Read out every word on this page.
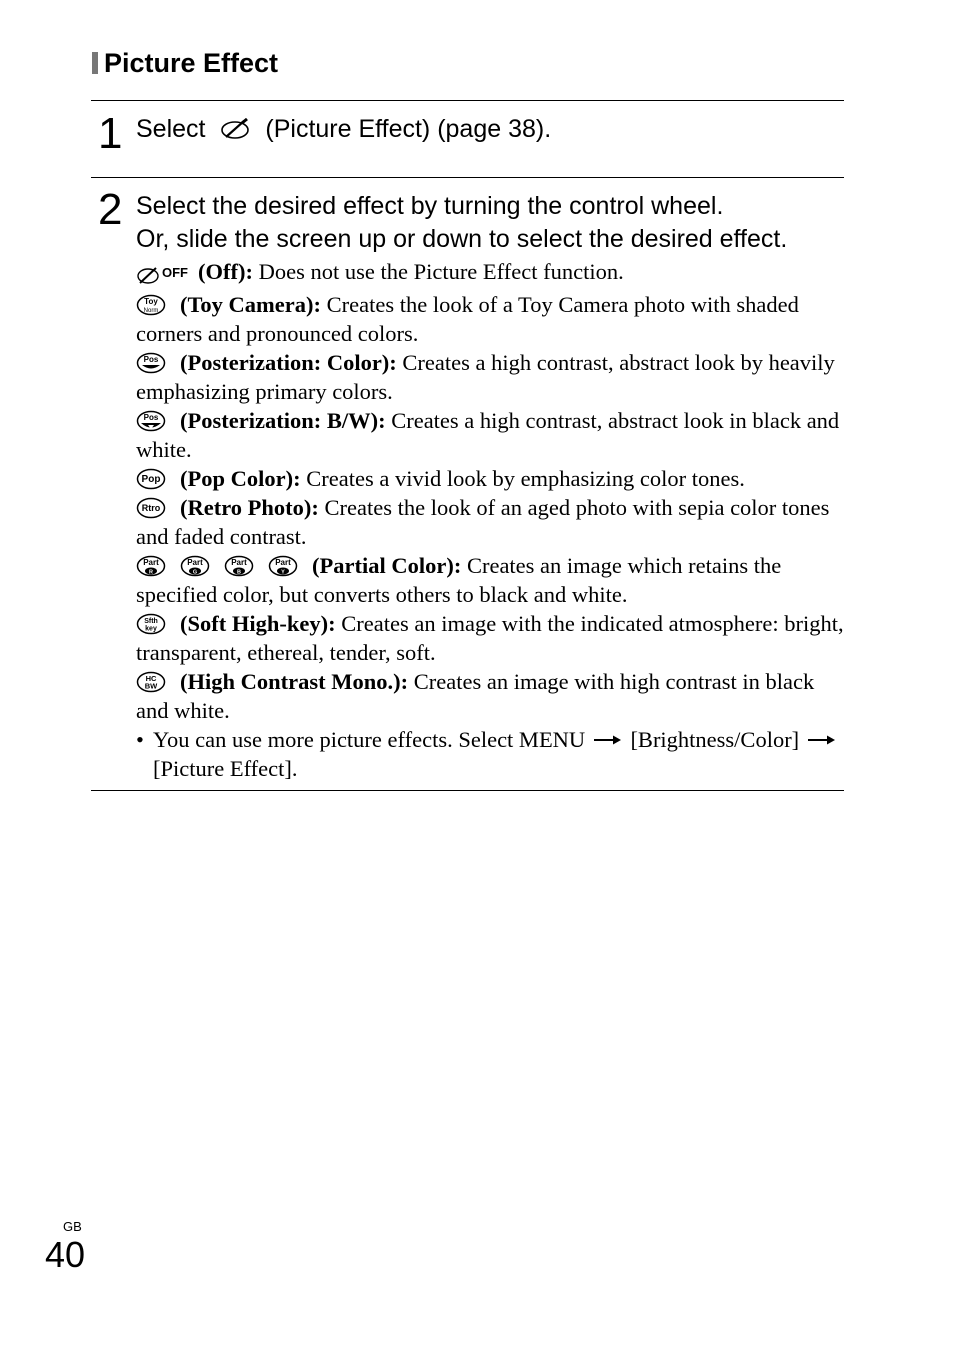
Picture Effect
1 Select (Picture Effect) (page 38).
2 Select the desired effect by turning the control wheel.
Or, slide the screen up or down to select the desired effect.
$^{OFF}$ (Off): Does not use the Picture Effect function.
Toy
Norm (Toy Camera): Creates the look of a Toy Camera photo with shaded corners and pronounced colors.
Pos (Posterization: Color): Creates a high contrast, abstract look by heavily emphasizing primary colors.
Pos (Posterization: B/W): Creates a high contrast, abstract look in black and white.
Pop (Pop Color): Creates a vivid look by emphasizing color tones.
Rtro (Retro Photo): Creates the look of an aged photo with sepia color tones and faded contrast.
Part
R
Part
G
Part
B
Part
Y (Partial Color): Creates an image which retains the specified color, but converts others to black and white.
Sfth
key (Soft High-key): Creates an image with the indicated atmosphere: bright, transparent, ethereal, tender, soft.
HC
BW (High Contrast Mono.): Creates an image with high contrast in black and white.
• You can use more picture effects. Select MENU [Brightness/Color]  [Picture Effect].
GB
40
